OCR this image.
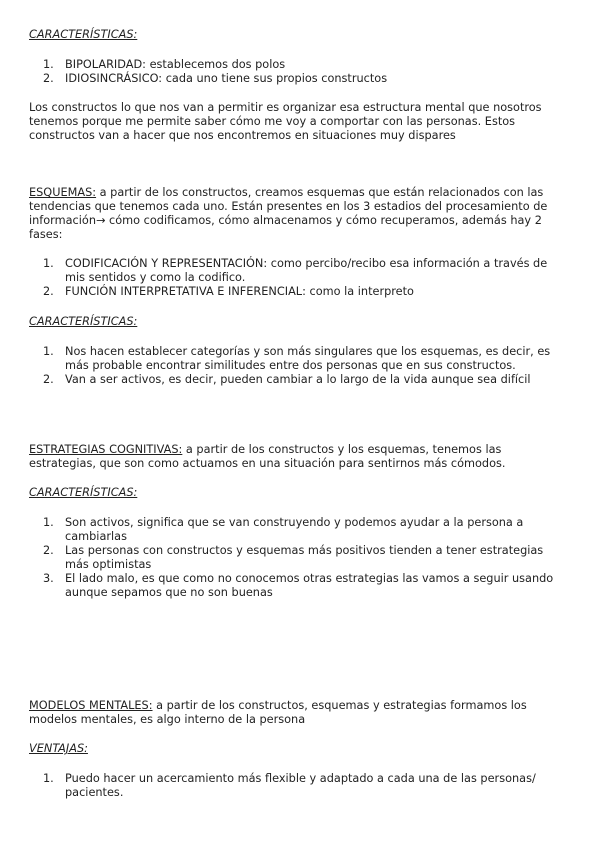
CARACTERÍSTICAS:
1. BIPOLARIDAD: establecemos dos polos
2. IDIOSINCRÁSICO: cada uno tiene sus propios constructos

Los constructos lo que nos van a permitir es organizar esa estructura mental que nosotros tenemos porque me permite saber cómo me voy a comportar con las personas. Estos constructos van a hacer que nos encontremos en situaciones muy dispares

ESQUEMAS: a partir de los constructos, creamos esquemas que están relacionados con las tendencias que tenemos cada uno. Están presentes en los 3 estadios del procesamiento de información→ cómo codificamos, cómo almacenamos y cómo recuperamos, además hay 2 fases:

1. CODIFICACIÓN Y REPRESENTACIÓN: como percibo/recibo esa información a través de mis sentidos y como la codifico.
2. FUNCIÓN INTERPRETATIVA E INFERENCIAL: como la interpreto
CARACTERÍSTICAS:
1. Nos hacen establecer categorías y son más singulares que los esquemas, es decir, es más probable encontrar similitudes entre dos personas que en sus constructos.
2. Van a ser activos, es decir, pueden cambiar a lo largo de la vida aunque sea difícil

ESTRATEGIAS COGNITIVAS: a partir de los constructos y los esquemas, tenemos las estrategias, que son como actuamos en una situación para sentirnos más cómodos.

CARACTERÍSTICAS:
1. Son activos, significa que se van construyendo y podemos ayudar a la persona a cambiarlas
2. Las personas con constructos y esquemas más positivos tienden a tener estrategias más optimistas
3. El lado malo, es que como no conocemos otras estrategias las vamos a seguir usando aunque sepamos que no son buenas

MODELOS MENTALES: a partir de los constructos, esquemas y estrategias formamos los modelos mentales, es algo interno de la persona

VENTAJAS:
1. Puedo hacer un acercamiento más flexible y adaptado a cada una de las personas/ pacientes.
